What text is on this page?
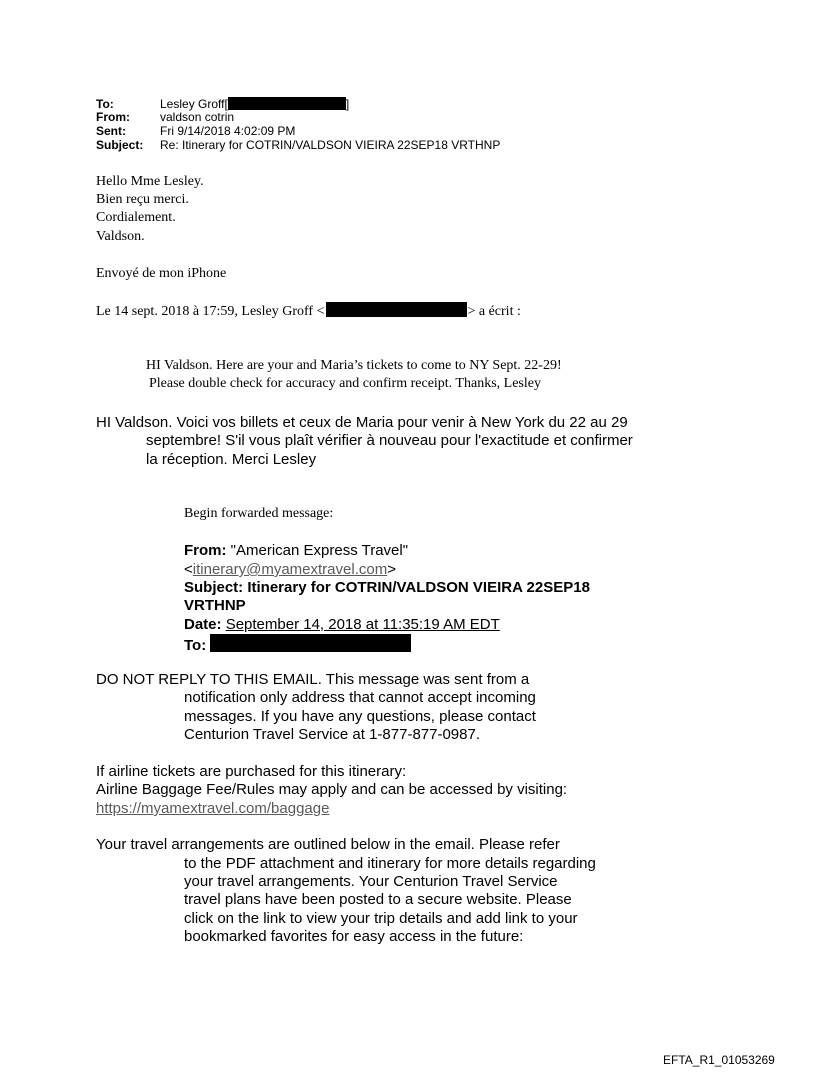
To:	Lesley Groff[	]
From:	valdson cotrin
Sent:	Fri 9/14/2018 4:02:09 PM
Subject: Re: Itinerary for COTRIN/VALDSON VIEIRA 22SEP18 VRTHNP
Hello Mme Lesley.
Bien reçu merci.
Cordialement.
Valdson.
Envoyé de mon iPhone
Le 14 sept. 2018 à 17:59, Lesley Groff <	> a écrit :
HI Valdson. Here are your and Maria’s tickets to come to NY Sept. 22-29!
Please double check for accuracy and confirm receipt. Thanks, Lesley
HI Valdson. Voici vos billets et ceux de Maria pour venir à New York du 22 au 29
septembre! S'il vous plaît vérifier à nouveau pour l'exactitude et confirmer
la réception. Merci Lesley
Begin forwarded message:
From: "American Express Travel"
<itinerary@myamextravel.com>
Subject: Itinerary for COTRIN/VALDSON VIEIRA 22SEP18
VRTHNP
Date: September 14, 2018 at 11:35:19 AM EDT
To:
DO NOT REPLY TO THIS EMAIL. This message was sent from a
notification only address that cannot accept incoming
messages. If you have any questions, please contact
Centurion Travel Service at 1-877-877-0987.
If airline tickets are purchased for this itinerary:
Airline Baggage Fee/Rules may apply and can be accessed by visiting:
https://myamextravel.com/baggage
Your travel arrangements are outlined below in the email. Please refer
to the PDF attachment and itinerary for more details regarding
your travel arrangements. Your Centurion Travel Service
travel plans have been posted to a secure website. Please
click on the link to view your trip details and add link to your
bookmarked favorites for easy access in the future:
EFTA_R1_01053269
